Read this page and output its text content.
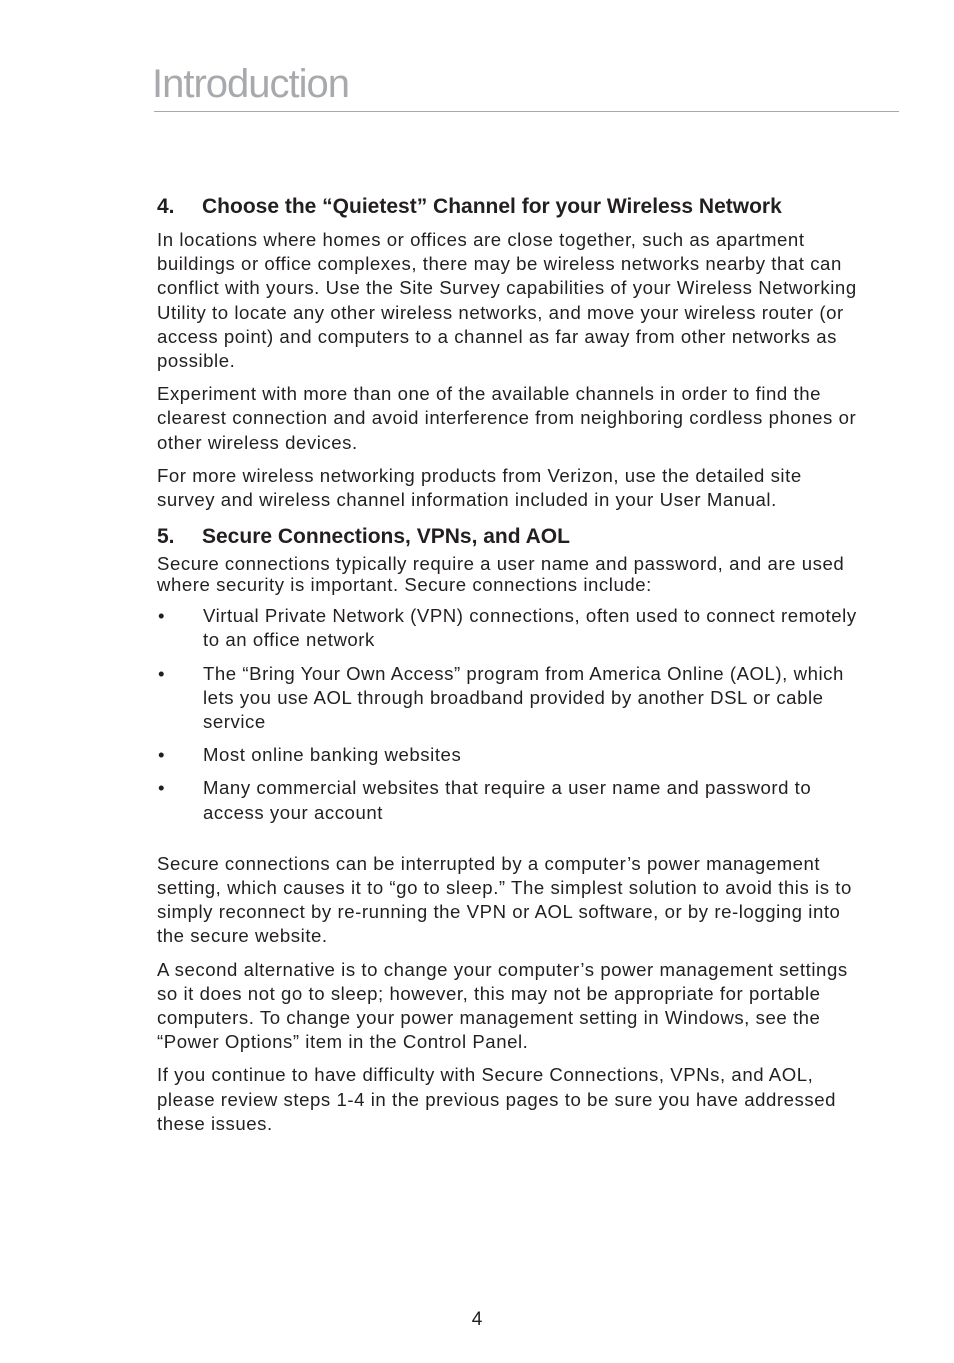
Introduction
4.	Choose the “Quietest” Channel for your Wireless Network

In locations where homes or offices are close together, such as apartment buildings or office complexes, there may be wireless networks nearby that can conflict with yours. Use the Site Survey capabilities of your Wireless Networking Utility to locate any other wireless networks, and move your wireless router (or access point) and computers to a channel as far away from other networks as possible.

Experiment with more than one of the available channels in order to find the clearest connection and avoid interference from neighboring cordless phones or other wireless devices.

For more wireless networking products from Verizon, use the detailed site survey and wireless channel information included in your User Manual.

5.	Secure Connections, VPNs, and AOL

Secure connections typically require a user name and password, and are used where security is important. Secure connections include:

•	Virtual Private Network (VPN) connections, often used to connect remotely to an office network
•	The “Bring Your Own Access” program from America Online (AOL), which lets you use AOL through broadband provided by another DSL or cable service
•	Most online banking websites
•	Many commercial websites that require a user name and password to access your account

Secure connections can be interrupted by a computer’s power management setting, which causes it to “go to sleep.” The simplest solution to avoid this is to simply reconnect by re-running the VPN or AOL software, or by re-logging into the secure website.

A second alternative is to change your computer’s power management settings so it does not go to sleep; however, this may not be appropriate for portable computers. To change your power management setting in Windows, see the “Power Options” item in the Control Panel.

If you continue to have difficulty with Secure Connections, VPNs, and AOL, please review steps 1-4 in the previous pages to be sure you have addressed these issues.

4
